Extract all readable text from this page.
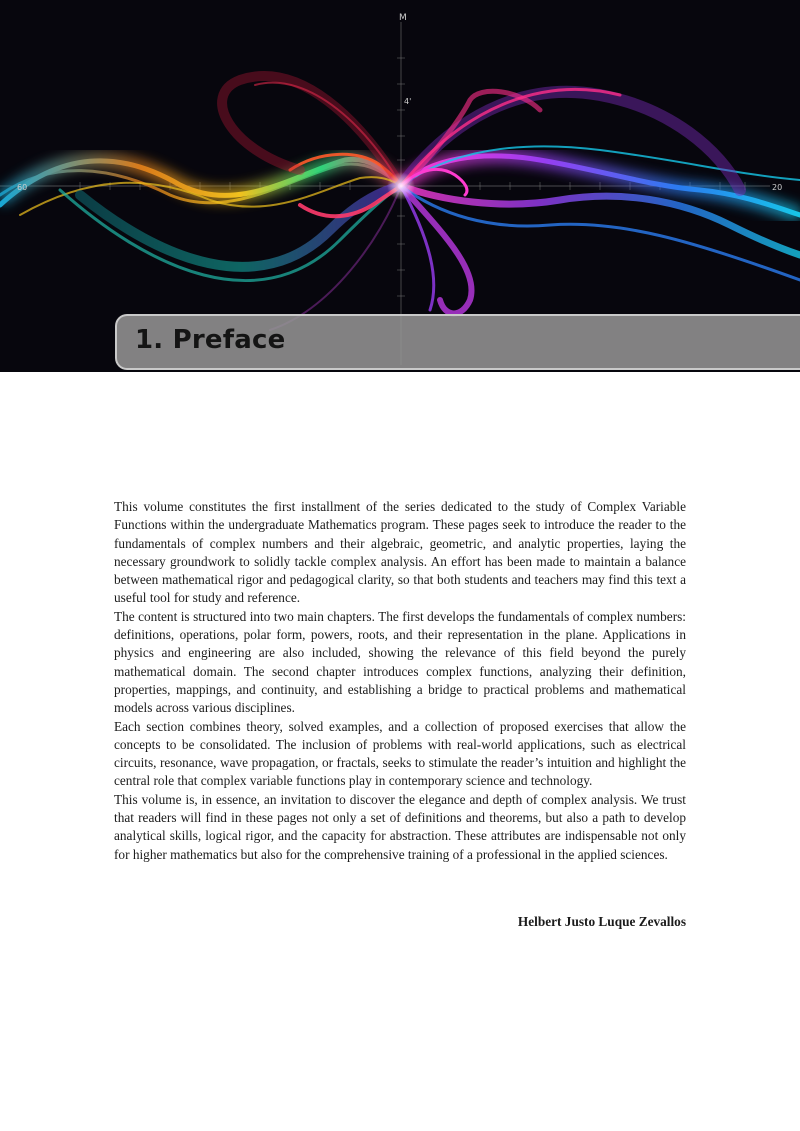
M
60	20
4'
1. Preface

This volume constitutes the first installment of the series dedicated to the study of Complex Variable Functions within the undergraduate Mathematics program. These pages seek to introduce the reader to the fundamentals of complex numbers and their algebraic, geometric, and analytic properties, laying the necessary groundwork to solidly tackle complex analysis. An effort has been made to maintain a balance between mathematical rigor and pedagogical clarity, so that both students and teachers may find this text a useful tool for study and reference.

The content is structured into two main chapters. The first develops the fundamentals of complex numbers: definitions, operations, polar form, powers, roots, and their representation in the plane. Applications in physics and engineering are also included, showing the relevance of this field beyond the purely mathematical domain. The second chapter introduces complex functions, analyzing their definition, properties, mappings, and continuity, and establishing a bridge to practical problems and mathematical models across various disciplines.

Each section combines theory, solved examples, and a collection of proposed exercises that allow the concepts to be consolidated. The inclusion of problems with real-world applications, such as electrical circuits, resonance, wave propagation, or fractals, seeks to stimulate the reader’s intuition and highlight the central role that complex variable functions play in contemporary science and technology.

This volume is, in essence, an invitation to discover the elegance and depth of complex analysis. We trust that readers will find in these pages not only a set of definitions and theorems, but also a path to develop analytical skills, logical rigor, and the capacity for abstraction. These attributes are indispensable not only for higher mathematics but also for the comprehensive training of a professional in the applied sciences.

Helbert Justo Luque Zevallos
